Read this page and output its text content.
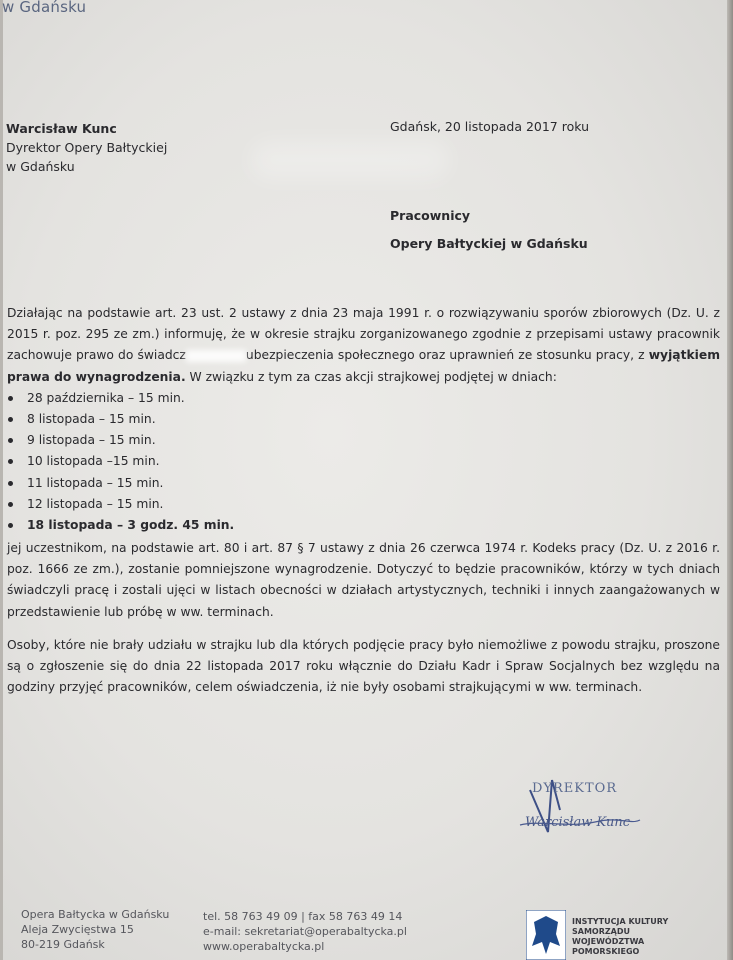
w Gdańsku
Warcisław Kunc
Dyrektor Opery Bałtyckiej
w Gdańsku
Gdańsk, 20 listopada 2017 roku
Pracownicy
Opery Bałtyckiej w Gdańsku
Działając na podstawie art. 23 ust. 2 ustawy z dnia 23 maja 1991 r. o rozwiązywaniu sporów zbiorowych (Dz. U. z 2015 r. poz. 295 ze zm.) informuję, że w okresie strajku zorganizowanego zgodnie z przepisami ustawy pracownik zachowuje prawo do świadcz	ubezpieczenia społecznego oraz uprawnień ze stosunku pracy, z wyjątkiem prawa do wynagrodzenia. W związku z tym za czas akcji strajkowej podjętej w dniach:
28 października – 15 min.
8 listopada – 15 min.
9 listopada – 15 min.
10 listopada –15 min.
11 listopada – 15 min.
12 listopada – 15 min.
18 listopada – 3 godz. 45 min.
jej uczestnikom, na podstawie art. 80 i art. 87 § 7 ustawy z dnia 26 czerwca 1974 r. Kodeks pracy (Dz. U. z 2016 r. poz. 1666 ze zm.), zostanie pomniejszone wynagrodzenie. Dotyczyć to będzie pracowników, którzy w tych dniach świadczyli pracę i zostali ujęci w listach obecności w działach artystycznych, techniki i innych zaangażowanych w przedstawienie lub próbę w ww. terminach.
Osoby, które nie brały udziału w strajku lub dla których podjęcie pracy było niemożliwe z powodu strajku, proszone są o zgłoszenie się do dnia 22 listopada 2017 roku włącznie do Działu Kadr i Spraw Socjalnych bez względu na godziny przyjęć pracowników, celem oświadczenia, iż nie były osobami strajkującymi w ww. terminach.
DYREKTOR
Warcisław Kunc
Opera Bałtycka w Gdańsku
Aleja Zwycięstwa 15
80-219 Gdańsk
tel. 58 763 49 09 | fax 58 763 49 14
e-mail: sekretariat@operabaltycka.pl
www.operabaltycka.pl
INSTYTUCJA KULTURY
SAMORZĄDU
WOJEWÓDZTWA
POMORSKIEGO
